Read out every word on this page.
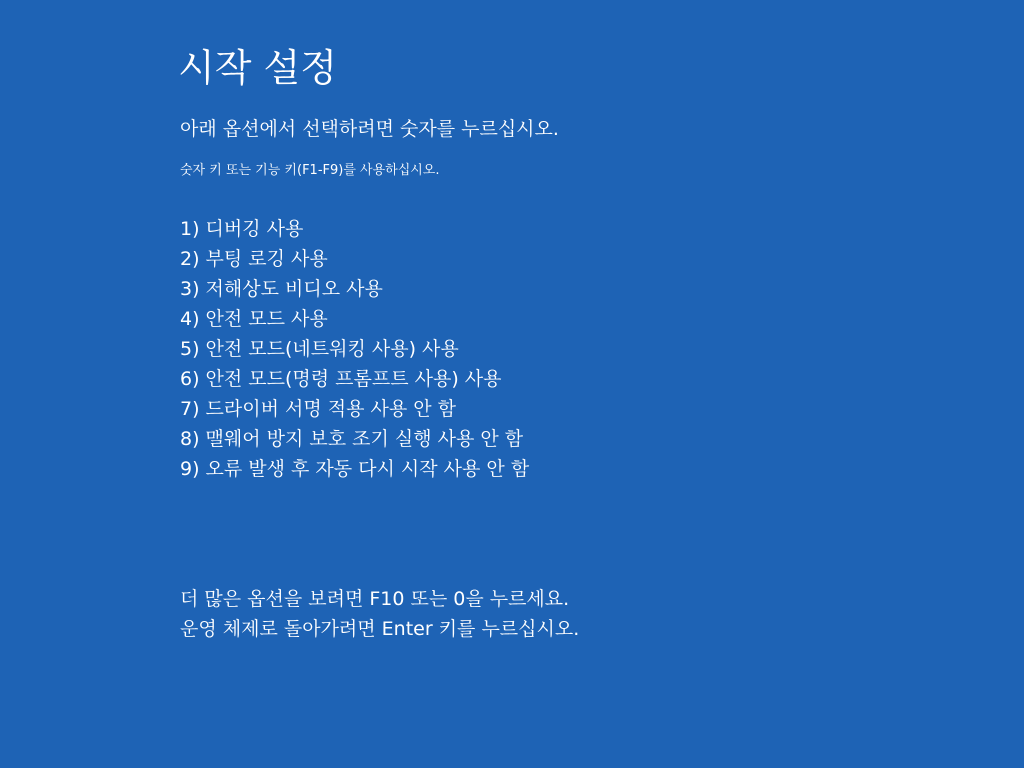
시작 설정
아래 옵션에서 선택하려면 숫자를 누르십시오.
숫자 키 또는 기능 키(F1-F9)를 사용하십시오.
1) 디버깅 사용
2) 부팅 로깅 사용
3) 저해상도 비디오 사용
4) 안전 모드 사용
5) 안전 모드(네트워킹 사용) 사용
6) 안전 모드(명령 프롬프트 사용) 사용
7) 드라이버 서명 적용 사용 안 함
8) 맬웨어 방지 보호 조기 실행 사용 안 함
9) 오류 발생 후 자동 다시 시작 사용 안 함
더 많은 옵션을 보려면 F10 또는 0을 누르세요.
운영 체제로 돌아가려면 Enter 키를 누르십시오.
